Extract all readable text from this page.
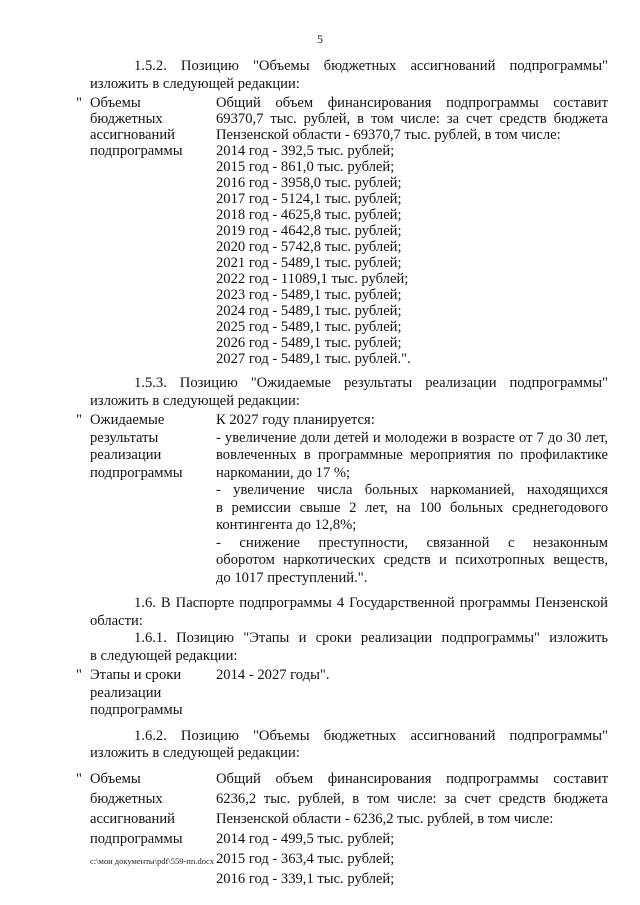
5
1.5.2. Позицию "Объемы бюджетных ассигнований подпрограммы"
изложить в следующей редакции:
" Объемы
бюджетных
ассигнований
подпрограммы

Общий объем финансирования подпрограммы составит

69370,7 тыс. рублей, в том числе: за счет средств бюджета

Пензенской области - 69370,7 тыс. рублей, в том числе:

2014 год - 392,5 тыс. рублей;

2015 год - 861,0 тыс. рублей;

2016 год - 3958,0 тыс. рублей;

2017 год - 5124,1 тыс. рублей;

2018 год - 4625,8 тыс. рублей;

2019 год - 4642,8 тыс. рублей;

2020 год - 5742,8 тыс. рублей;

2021 год - 5489,1 тыс. рублей;

2022 год - 11089,1 тыс. рублей;

2023 год - 5489,1 тыс. рублей;

2024 год - 5489,1 тыс. рублей;

2025 год - 5489,1 тыс. рублей;

2026 год - 5489,1 тыс. рублей;

2027 год - 5489,1 тыс. рублей.".

1.5.3. Позицию "Ожидаемые результаты реализации подпрограммы"
изложить в следующей редакции:
" Ожидаемые
результаты
реализации
подпрограммы

К 2027 году планируется:

- увеличение доли детей и молодежи в возрасте от 7 до 30 лет,

вовлеченных в программные мероприятия по профилактике

наркомании, до 17 %;

- увеличение числа больных наркоманией, находящихся

в ремиссии свыше 2 лет, на 100 больных среднегодового

контингента до 12,8%;

- снижение преступности, связанной с незаконным

оборотом наркотических средств и психотропных веществ,

до 1017 преступлений.".

1.6. В Паспорте подпрограммы 4 Государственной программы Пензенской
области:
1.6.1. Позицию "Этапы и сроки реализации подпрограммы" изложить
в следующей редакции:
" Этапы и сроки
реализации
подпрограммы

2014 - 2027 годы".

1.6.2. Позицию "Объемы бюджетных ассигнований подпрограммы"
изложить в следующей редакции:
" Объемы
бюджетных
ассигнований
подпрограммы

Общий объем финансирования подпрограммы составит

6236,2 тыс. рублей, в том числе: за счет средств бюджета

Пензенской области - 6236,2 тыс. рублей, в том числе:

2014 год - 499,5 тыс. рублей;

2015 год - 363,4 тыс. рублей;

2016 год - 339,1 тыс. рублей;

c:\мои документы\pdf\559-пп.docx
